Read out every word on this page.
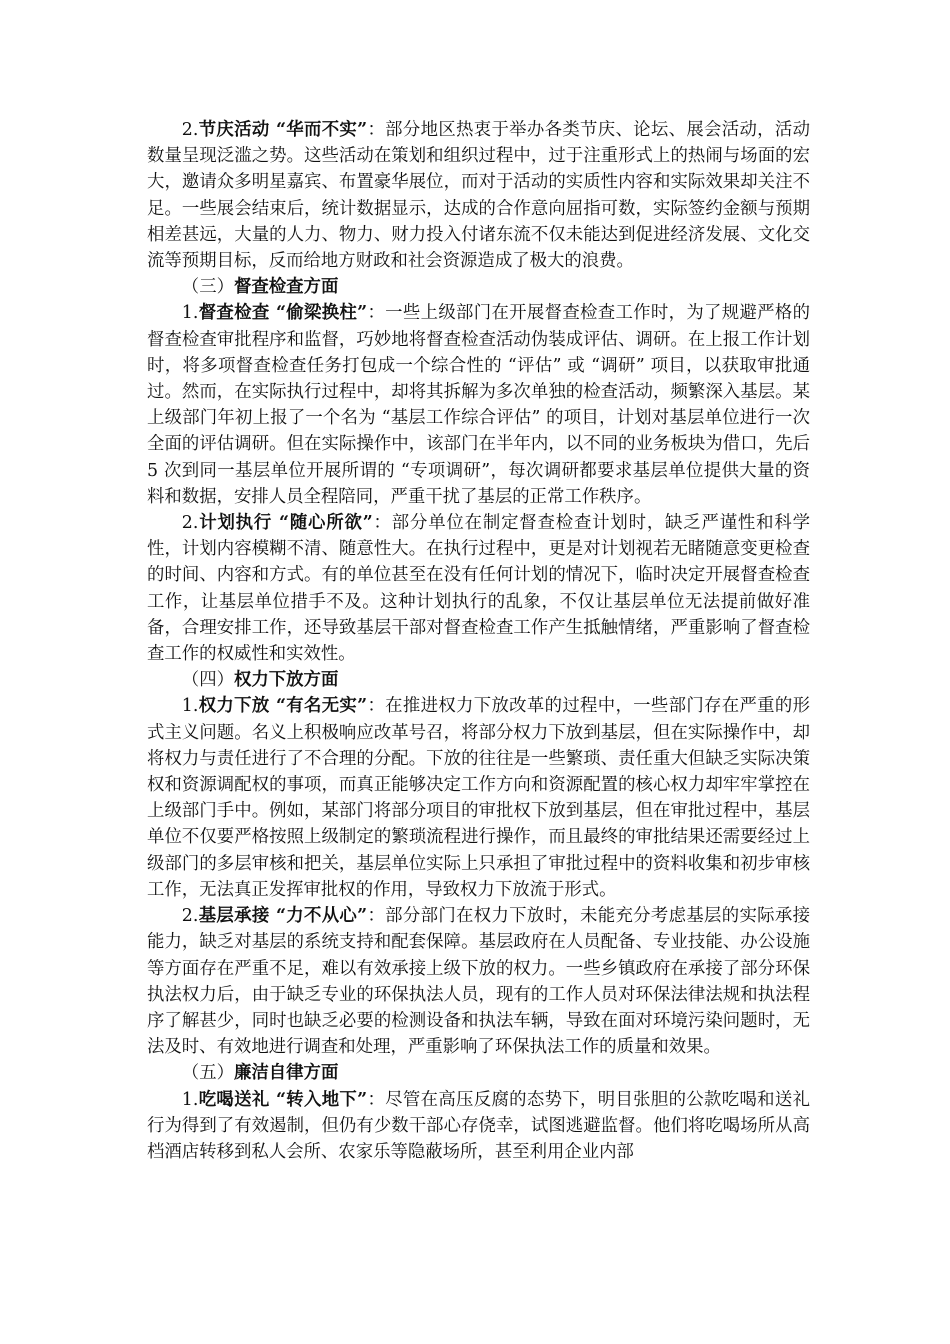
2.节庆活动 “华而不实”：部分地区热衷于举办各类节庆、论坛、展会活动，活动数量呈现泛滥之势。这些活动在策划和组织过程中，过于注重形式上的热闹与场面的宏大，邀请众多明星嘉宾、布置豪华展位，而对于活动的实质性内容和实际效果却关注不足。一些展会结束后，统计数据显示，达成的合作意向屈指可数，实际签约金额与预期相差甚远，大量的人力、物力、财力投入付诸东流不仅未能达到促进经济发展、文化交流等预期目标，反而给地方财政和社会资源造成了极大的浪费。

（三）督查检查方面

1.督查检查 “偷梁换柱”：一些上级部门在开展督查检查工作时，为了规避严格的督查检查审批程序和监督，巧妙地将督查检查活动伪装成评估、调研。在上报工作计划时，将多项督查检查任务打包成一个综合性的 “评估” 或 “调研” 项目，以获取审批通过。然而，在实际执行过程中，却将其拆解为多次单独的检查活动，频繁深入基层。某上级部门年初上报了一个名为 “基层工作综合评估” 的项目，计划对基层单位进行一次全面的评估调研。但在实际操作中，该部门在半年内，以不同的业务板块为借口，先后 5 次到同一基层单位开展所谓的 “专项调研”，每次调研都要求基层单位提供大量的资料和数据，安排人员全程陪同，严重干扰了基层的正常工作秩序。

2.计划执行 “随心所欲”：部分单位在制定督查检查计划时，缺乏严谨性和科学性，计划内容模糊不清、随意性大。在执行过程中，更是对计划视若无睹随意变更检查的时间、内容和方式。有的单位甚至在没有任何计划的情况下，临时决定开展督查检查工作，让基层单位措手不及。这种计划执行的乱象，不仅让基层单位无法提前做好准备，合理安排工作，还导致基层干部对督查检查工作产生抵触情绪，严重影响了督查检查工作的权威性和实效性。

（四）权力下放方面

1.权力下放 “有名无实”：在推进权力下放改革的过程中，一些部门存在严重的形式主义问题。名义上积极响应改革号召，将部分权力下放到基层，但在实际操作中，却将权力与责任进行了不合理的分配。下放的往往是一些繁琐、责任重大但缺乏实际决策权和资源调配权的事项，而真正能够决定工作方向和资源配置的核心权力却牢牢掌控在上级部门手中。例如，某部门将部分项目的审批权下放到基层，但在审批过程中，基层单位不仅要严格按照上级制定的繁琐流程进行操作，而且最终的审批结果还需要经过上级部门的多层审核和把关，基层单位实际上只承担了审批过程中的资料收集和初步审核工作，无法真正发挥审批权的作用，导致权力下放流于形式。

2.基层承接 “力不从心”：部分部门在权力下放时，未能充分考虑基层的实际承接能力，缺乏对基层的系统支持和配套保障。基层政府在人员配备、专业技能、办公设施等方面存在严重不足，难以有效承接上级下放的权力。一些乡镇政府在承接了部分环保执法权力后，由于缺乏专业的环保执法人员，现有的工作人员对环保法律法规和执法程序了解甚少，同时也缺乏必要的检测设备和执法车辆，导致在面对环境污染问题时，无法及时、有效地进行调查和处理，严重影响了环保执法工作的质量和效果。

（五）廉洁自律方面

1.吃喝送礼 “转入地下”：尽管在高压反腐的态势下，明目张胆的公款吃喝和送礼行为得到了有效遏制，但仍有少数干部心存侥幸，试图逃避监督。他们将吃喝场所从高档酒店转移到私人会所、农家乐等隐蔽场所，甚至利用企业内部
